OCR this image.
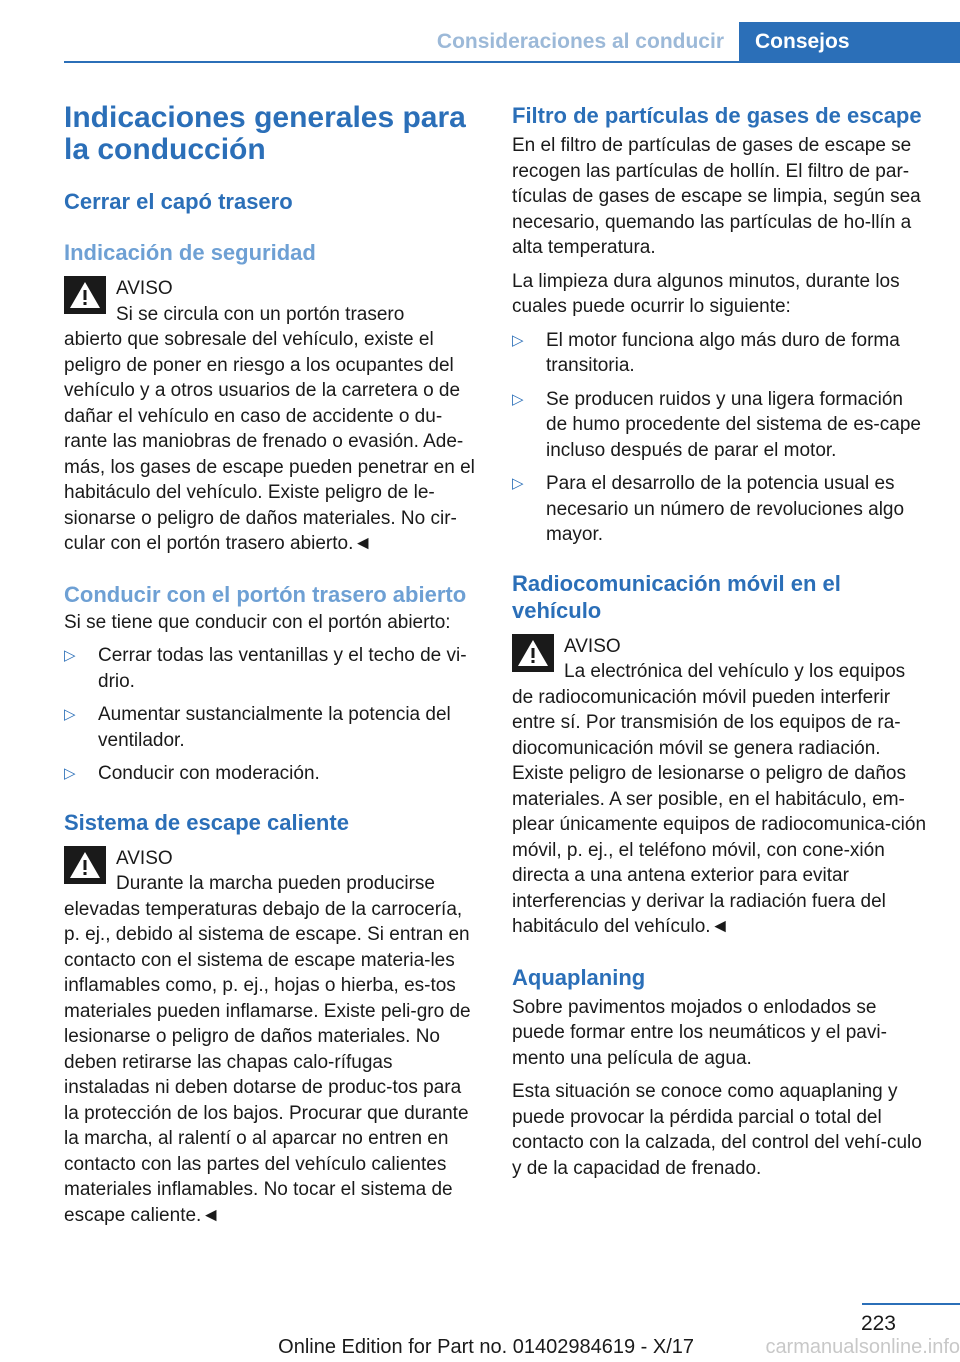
Consideraciones al conducir	Consejos
Indicaciones generales para la conducción
Cerrar el capó trasero
Indicación de seguridad
AVISO
Si se circula con un portón trasero
abierto que sobresale del vehículo, existe el peligro de poner en riesgo a los ocupantes del vehículo y a otros usuarios de la carretera o de dañar el vehículo en caso de accidente o du-rante las maniobras de frenado o evasión. Ade-más, los gases de escape pueden penetrar en el habitáculo del vehículo. Existe peligro de le-sionarse o peligro de daños materiales. No cir-cular con el portón trasero abierto.◄
Conducir con el portón trasero abierto

Si se tiene que conducir con el portón abierto:

▷ Cerrar todas las ventanillas y el techo de vi-drio.
▷ Aumentar sustancialmente la potencia del ventilador.
▷ Conducir con moderación.
Sistema de escape caliente
AVISO
Durante la marcha pueden producirse
elevadas temperaturas debajo de la carrocería, p. ej., debido al sistema de escape. Si entran en contacto con el sistema de escape materia-les inflamables como, p. ej., hojas o hierba, es-tos materiales pueden inflamarse. Existe peli-gro de lesionarse o peligro de daños materiales. No deben retirarse las chapas calo-rífugas instaladas ni deben dotarse de produc-tos para la protección de los bajos. Procurar que durante la marcha, al ralentí o al aparcar no entren en contacto con las partes del vehículo calientes materiales inflamables. No tocar el sistema de escape caliente.◄
Filtro de partículas de gases de escape

En el filtro de partículas de gases de escape se recogen las partículas de hollín. El filtro de par-tículas de gases de escape se limpia, según sea necesario, quemando las partículas de ho-llín a alta temperatura.

La limpieza dura algunos minutos, durante los cuales puede ocurrir lo siguiente:

▷ El motor funciona algo más duro de forma transitoria.
▷ Se producen ruidos y una ligera formación de humo procedente del sistema de es-cape incluso después de parar el motor.
▷ Para el desarrollo de la potencia usual es necesario un número de revoluciones algo mayor.
Radiocomunicación móvil en el vehículo
AVISO
La electrónica del vehículo y los equipos
de radiocomunicación móvil pueden interferir entre sí. Por transmisión de los equipos de ra-diocomunicación móvil se genera radiación. Existe peligro de lesionarse o peligro de daños materiales. A ser posible, en el habitáculo, em-plear únicamente equipos de radiocomunica-ción móvil, p. ej., el teléfono móvil, con cone-xión directa a una antena exterior para evitar interferencias y derivar la radiación fuera del habitáculo del vehículo.◄
Aquaplaning

Sobre pavimentos mojados o enlodados se puede formar entre los neumáticos y el pavi-mento una película de agua.

Esta situación se conoce como aquaplaning y puede provocar la pérdida parcial o total del contacto con la calzada, del control del vehí-culo y de la capacidad de frenado.

223
carmanualsonline.info
Online Edition for Part no. 01402984619 - X/17
